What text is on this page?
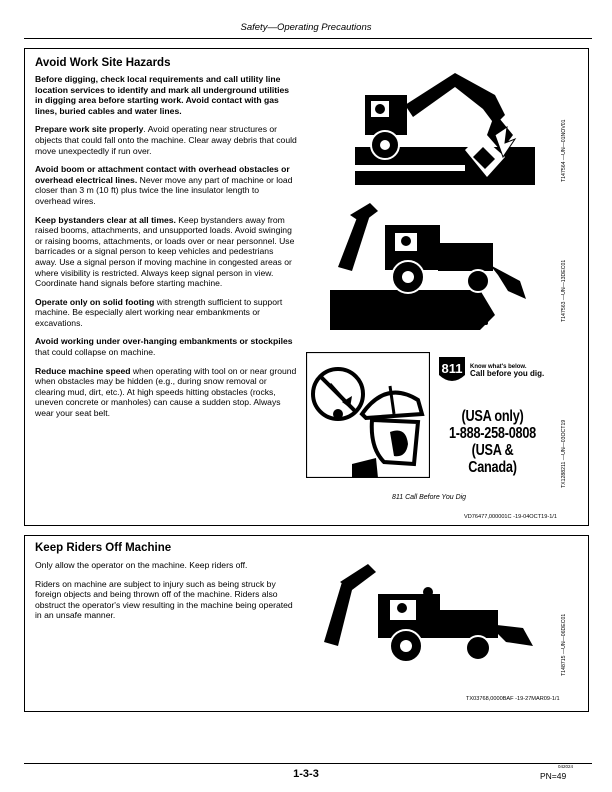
Safety—Operating Precautions
Avoid Work Site Hazards

Before digging, check local requirements and call utility line location services to identify and mark all underground utilities in digging area before starting work. Avoid contact with gas lines, buried cables and water lines.

Prepare work site properly. Avoid operating near structures or objects that could fall onto the machine. Clear away debris that could move unexpectedly if run over.

Avoid boom or attachment contact with overhead obstacles or overhead electrical lines. Never move any part of machine or load closer than 3 m (10 ft) plus twice the line insulator length to overhead wires.

Keep bystanders clear at all times. Keep bystanders away from raised booms, attachments, and unsupported loads. Avoid swinging or raising booms, attachments, or loads over or near personnel. Use barricades or a signal person to keep vehicles and pedestrians away. Use a signal person if moving machine in congested areas or where visibility is restricted. Always keep signal person in view. Coordinate hand signals before starting machine.

Operate only on solid footing with strength sufficient to support machine. Be especially alert working near embankments or excavations.

Avoid working under over-hanging embankments or stockpiles that could collapse on machine.

Reduce machine speed when operating with tool on or near ground when obstacles may be hidden (e.g., during snow removal or clearing mud, dirt, etc.). At high speeds hitting obstacles (rocks, uneven concrete or manholes) can cause a sudden stop. Always wear your seat belt.

T147564 —UN—01NOV01
T147563 —UN—13DEC01
TX1288211 —UN—03OCT19
811	Know what's below.
Call before you dig.
(USA only)
1-888-258-0808
(USA & Canada)
811 Call Before You Dig
VD76477,000001C -19-04OCT19-1/1
Keep Riders Off Machine

Only allow the operator on the machine. Keep riders off.

Riders on machine are subject to injury such as being struck by foreign objects and being thrown off of the machine. Riders also obstruct the operator's view resulting in the machine being operated in an unsafe manner.	T148715 —UN—06DEC01
TX03768,0000BAF -19-27MAR09-1/1
1-3-3
042024
PN=49
